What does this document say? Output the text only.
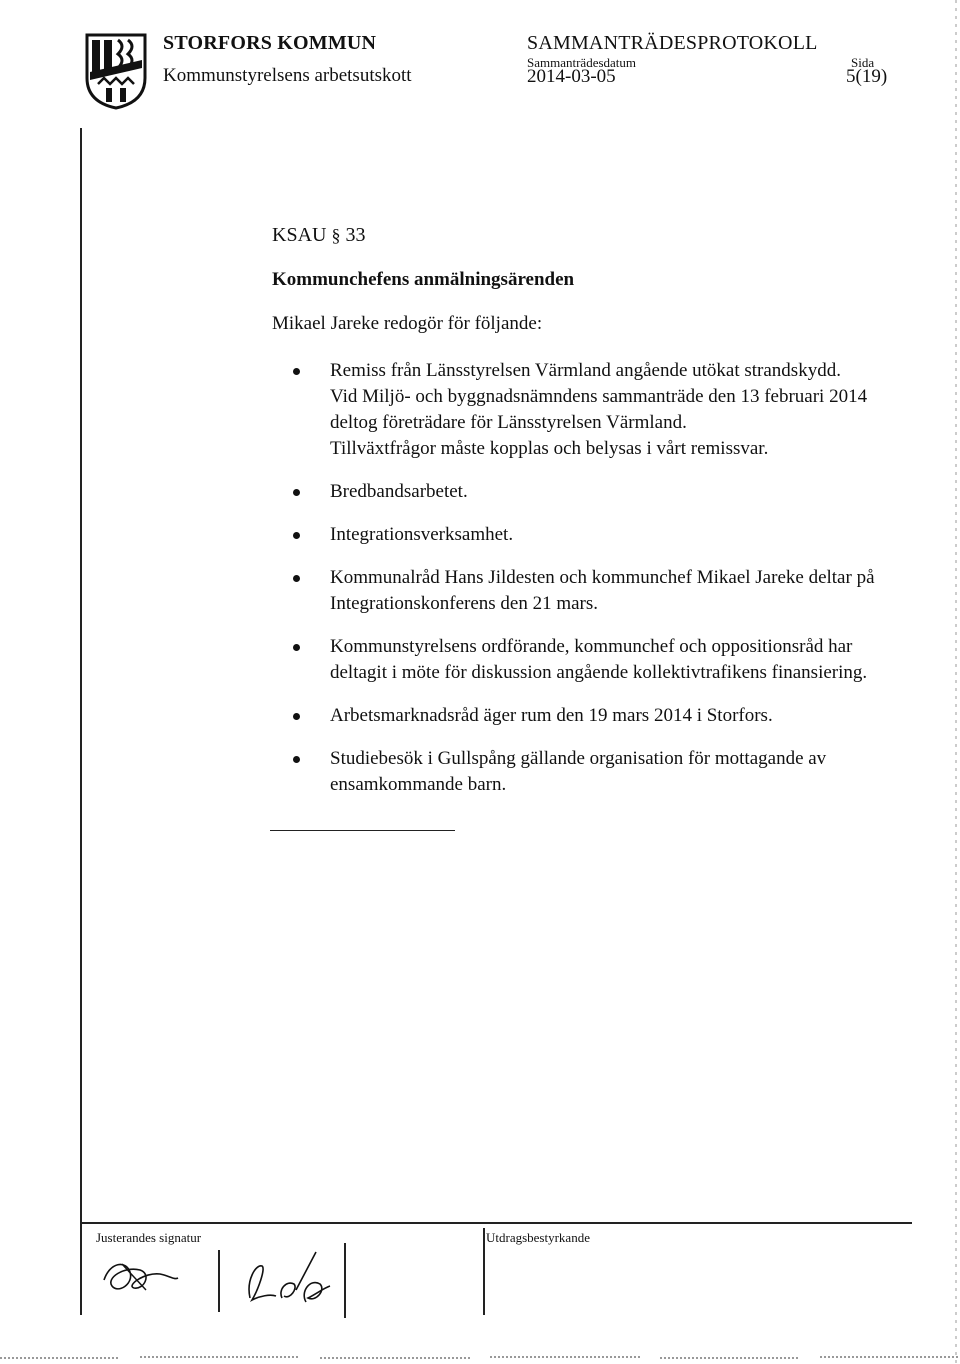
STORFORS KOMMUN
Kommunstyrelsens arbetsutskott
SAMMANTRÄDESPROTOKOLL
Sammanträdesdatum
2014-03-05
Sida
5(19)
KSAU § 33
Kommunchefens anmälningsärenden
Mikael Jareke redogör för följande:
Remiss från Länsstyrelsen Värmland angående utökat strandskydd.
Vid Miljö- och byggnadsnämndens sammanträde den 13 februari 2014
deltog företrädare för Länsstyrelsen Värmland.
Tillväxtfrågor måste kopplas och belysas i vårt remissvar.
Bredbandsarbetet.
Integrationsverksamhet.
Kommunalråd Hans Jildesten och kommunchef Mikael Jareke deltar på
Integrationskonferens den 21 mars.
Kommunstyrelsens ordförande, kommunchef och oppositionsråd har
deltagit i möte för diskussion angående kollektivtrafikens finansiering.
Arbetsmarknadsråd äger rum den 19 mars 2014 i Storfors.
Studiebesök i Gullspång gällande organisation för mottagande av
ensamkommande barn.
Justerandes signatur	Utdragsbestyrkande
